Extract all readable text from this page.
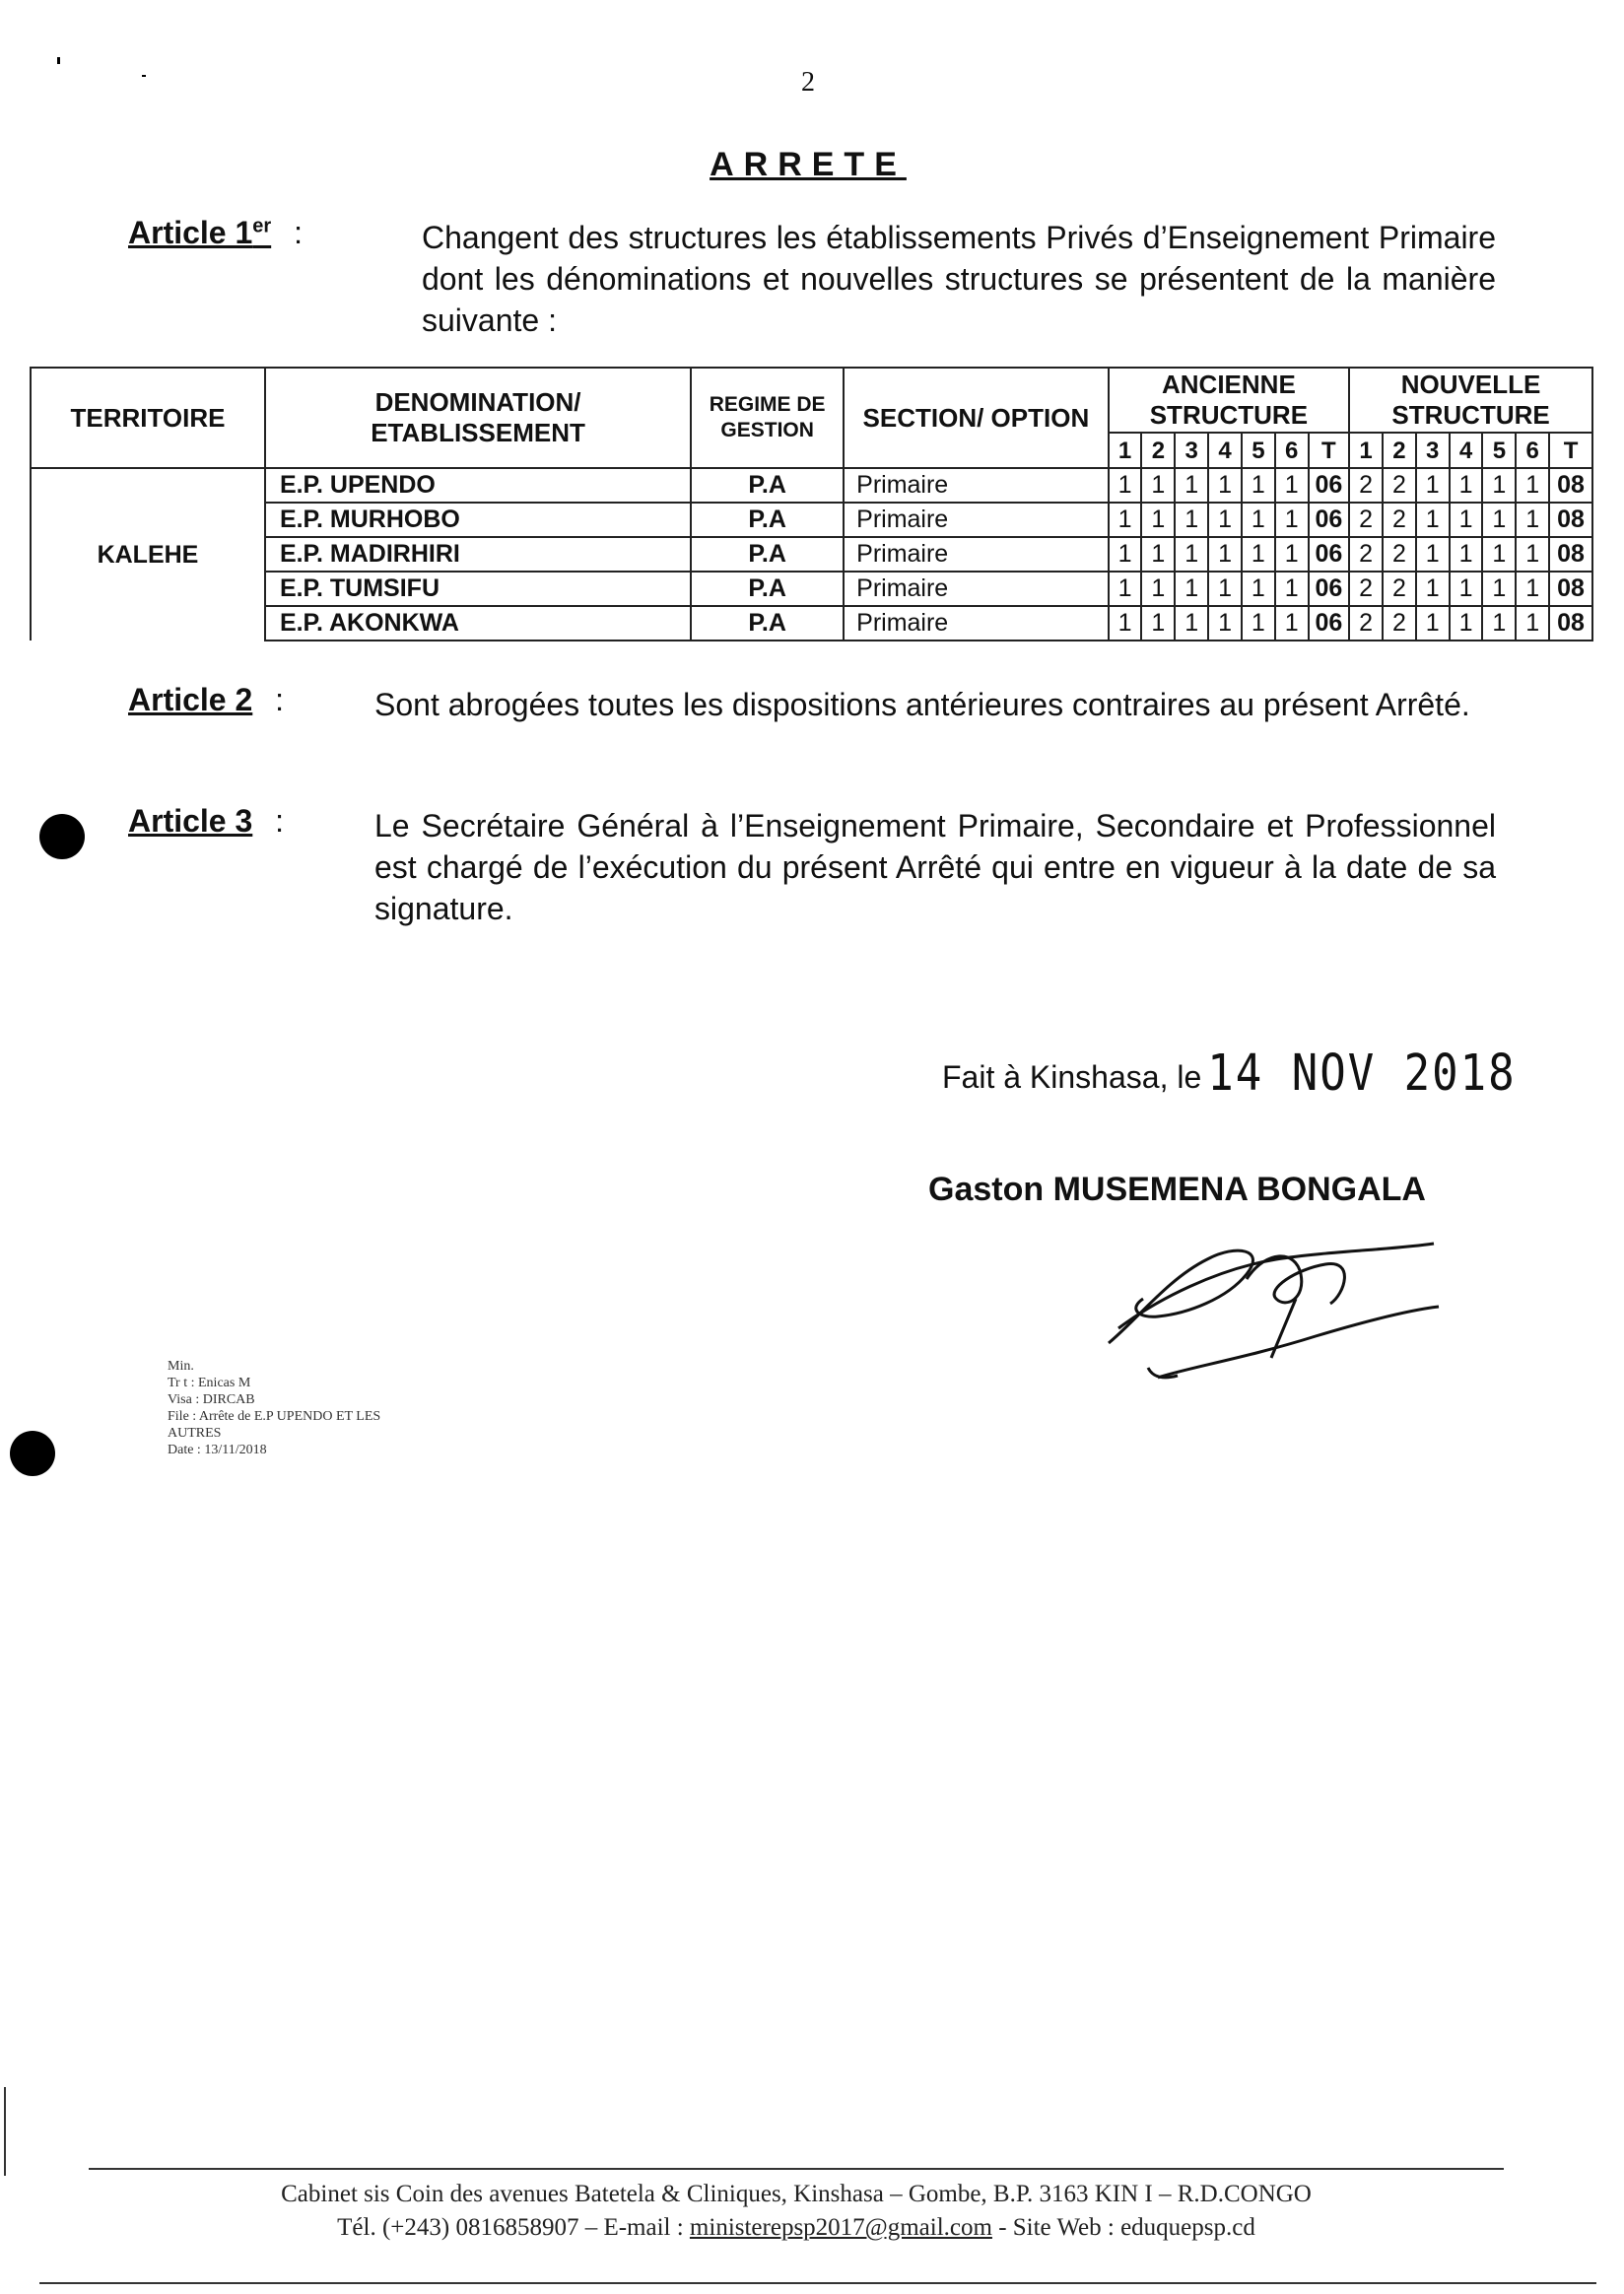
2
ARRETE
Article 1er :	Changent des structures les établissements Privés d’Enseignement Primaire dont les dénominations et nouvelles structures se présentent de la manière suivante :
TERRITOIRE	DENOMINATION/ ETABLISSEMENT	REGIME DE GESTION	SECTION/ OPTION	ANCIENNE STRUCTURE							NOUVELLE STRUCTURE						
				1	2	3	4	5	6	T	1	2	3	4	5	6	T
KALEHE	E.P. UPENDO	P.A	Primaire	1	1	1	1	1	1	06	2	2	1	1	1	1	08
	E.P. MURHOBO	P.A	Primaire	1	1	1	1	1	1	06	2	2	1	1	1	1	08
	E.P. MADIRHIRI	P.A	Primaire	1	1	1	1	1	1	06	2	2	1	1	1	1	08
	E.P. TUMSIFU	P.A	Primaire	1	1	1	1	1	1	06	2	2	1	1	1	1	08
	E.P. AKONKWA	P.A	Primaire	1	1	1	1	1	1	06	2	2	1	1	1	1	08
Article 2 :	Sont abrogées toutes les dispositions antérieures contraires au présent Arrêté.
Article 3 :	Le Secrétaire Général à l’Enseignement Primaire, Secondaire et Professionnel est chargé de l’exécution du présent Arrêté qui entre en vigueur à la date de sa signature.
Fait à Kinshasa, le 14 NOV 2018
Gaston MUSEMENA BONGALA
Min.
Tr t : Enicas M
Visa : DIRCAB
File : Arrête de E.P UPENDO ET LES
AUTRES
Date : 13/11/2018
Cabinet sis Coin des avenues Batetela & Cliniques, Kinshasa – Gombe, B.P. 3163 KIN I – R.D.CONGO
Tél. (+243) 0816858907 – E-mail : ministerepsp2017@gmail.com - Site Web : eduquepsp.cd
